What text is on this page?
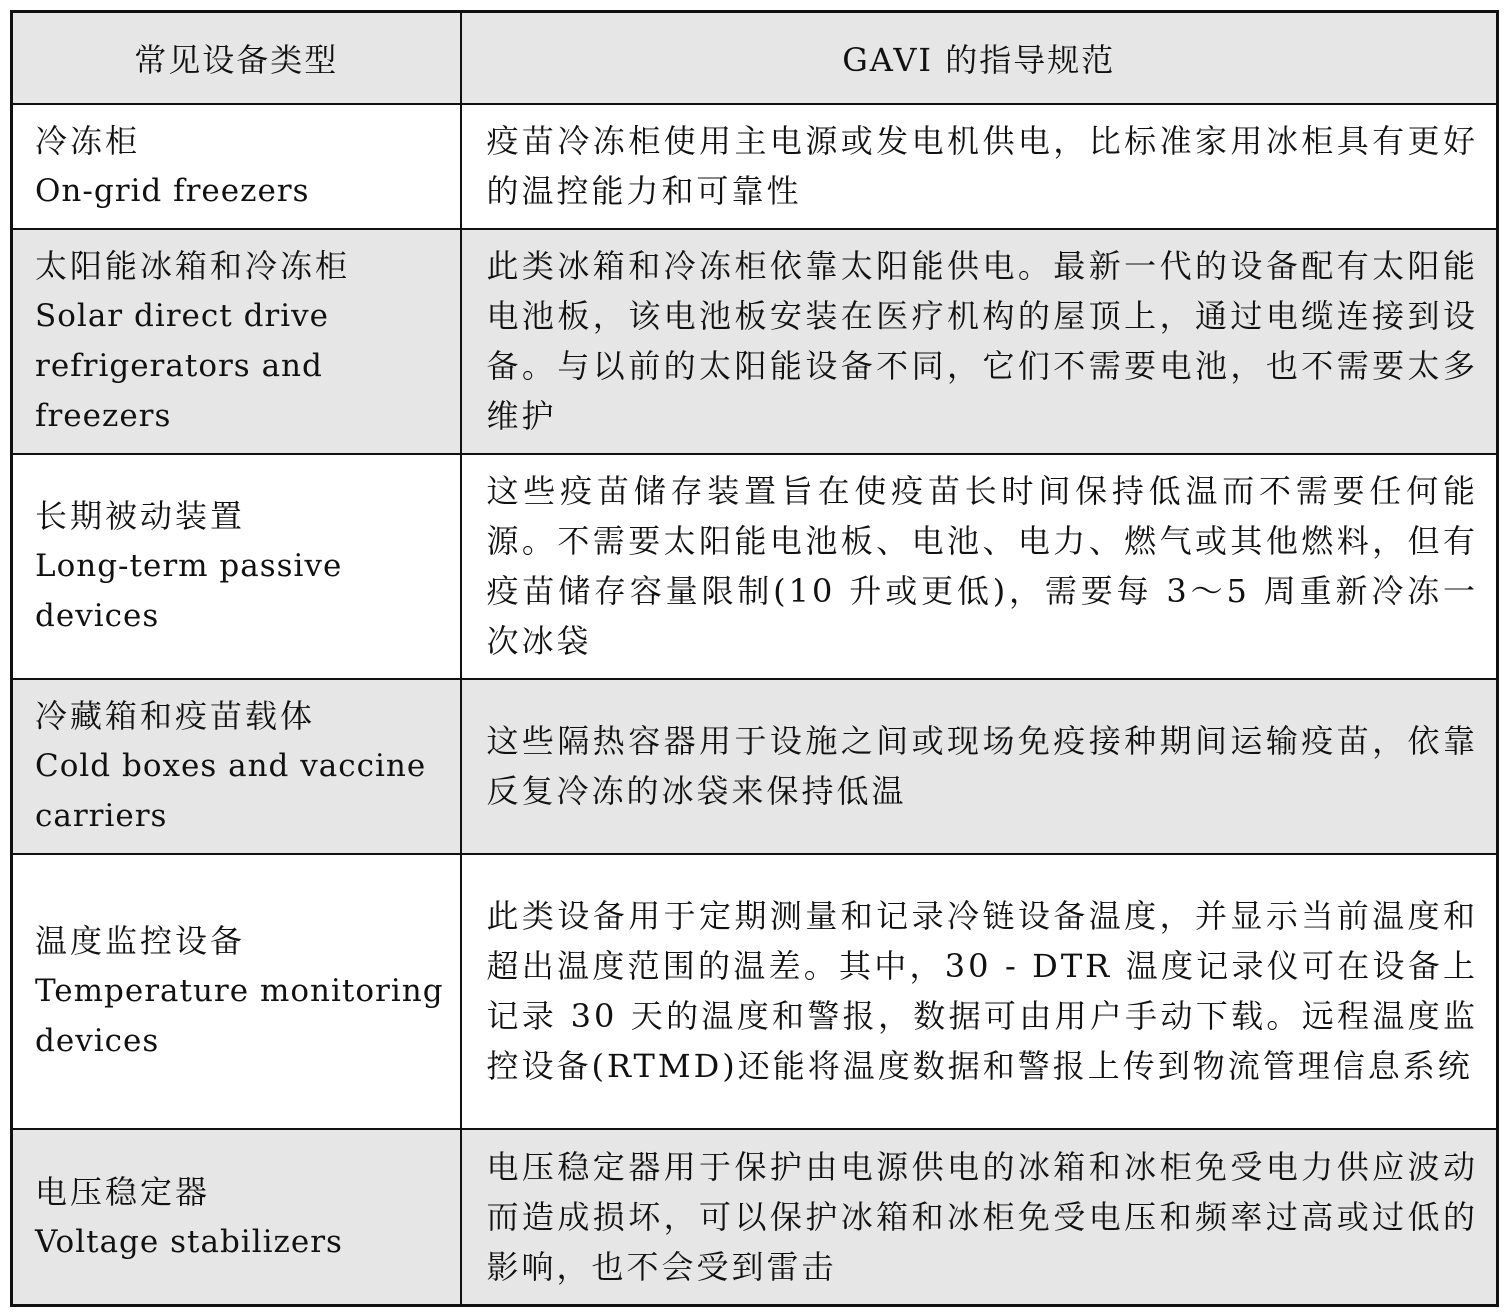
常见设备类型	GAVI 的指导规范

冷冻柜
On-grid freezers	疫苗冷冻柜使用主电源或发电机供电，比标准家用冰柜具有更好的温控能力和可靠性

太阳能冰箱和冷冻柜
Solar direct drive refrigerators and freezers	此类冰箱和冷冻柜依靠太阳能供电。最新一代的设备配有太阳能电池板，该电池板安装在医疗机构的屋顶上，通过电缆连接到设备。与以前的太阳能设备不同，它们不需要电池，也不需要太多维护

长期被动装置
Long-term passive devices	这些疫苗储存装置旨在使疫苗长时间保持低温而不需要任何能源。不需要太阳能电池板、电池、电力、燃气或其他燃料，但有疫苗储存容量限制(10 升或更低)，需要每 3～5 周重新冷冻一次冰袋

冷藏箱和疫苗载体
Cold boxes and vaccine carriers	这些隔热容器用于设施之间或现场免疫接种期间运输疫苗，依靠反复冷冻的冰袋来保持低温

温度监控设备
Temperature monitoring devices	此类设备用于定期测量和记录冷链设备温度，并显示当前温度和超出温度范围的温差。其中，30 - DTR 温度记录仪可在设备上记录 30 天的温度和警报，数据可由用户手动下载。远程温度监控设备(RTMD)还能将温度数据和警报上传到物流管理信息系统

电压稳定器
Voltage stabilizers	电压稳定器用于保护由电源供电的冰箱和冰柜免受电力供应波动而造成损坏，可以保护冰箱和冰柜免受电压和频率过高或过低的影响，也不会受到雷击
